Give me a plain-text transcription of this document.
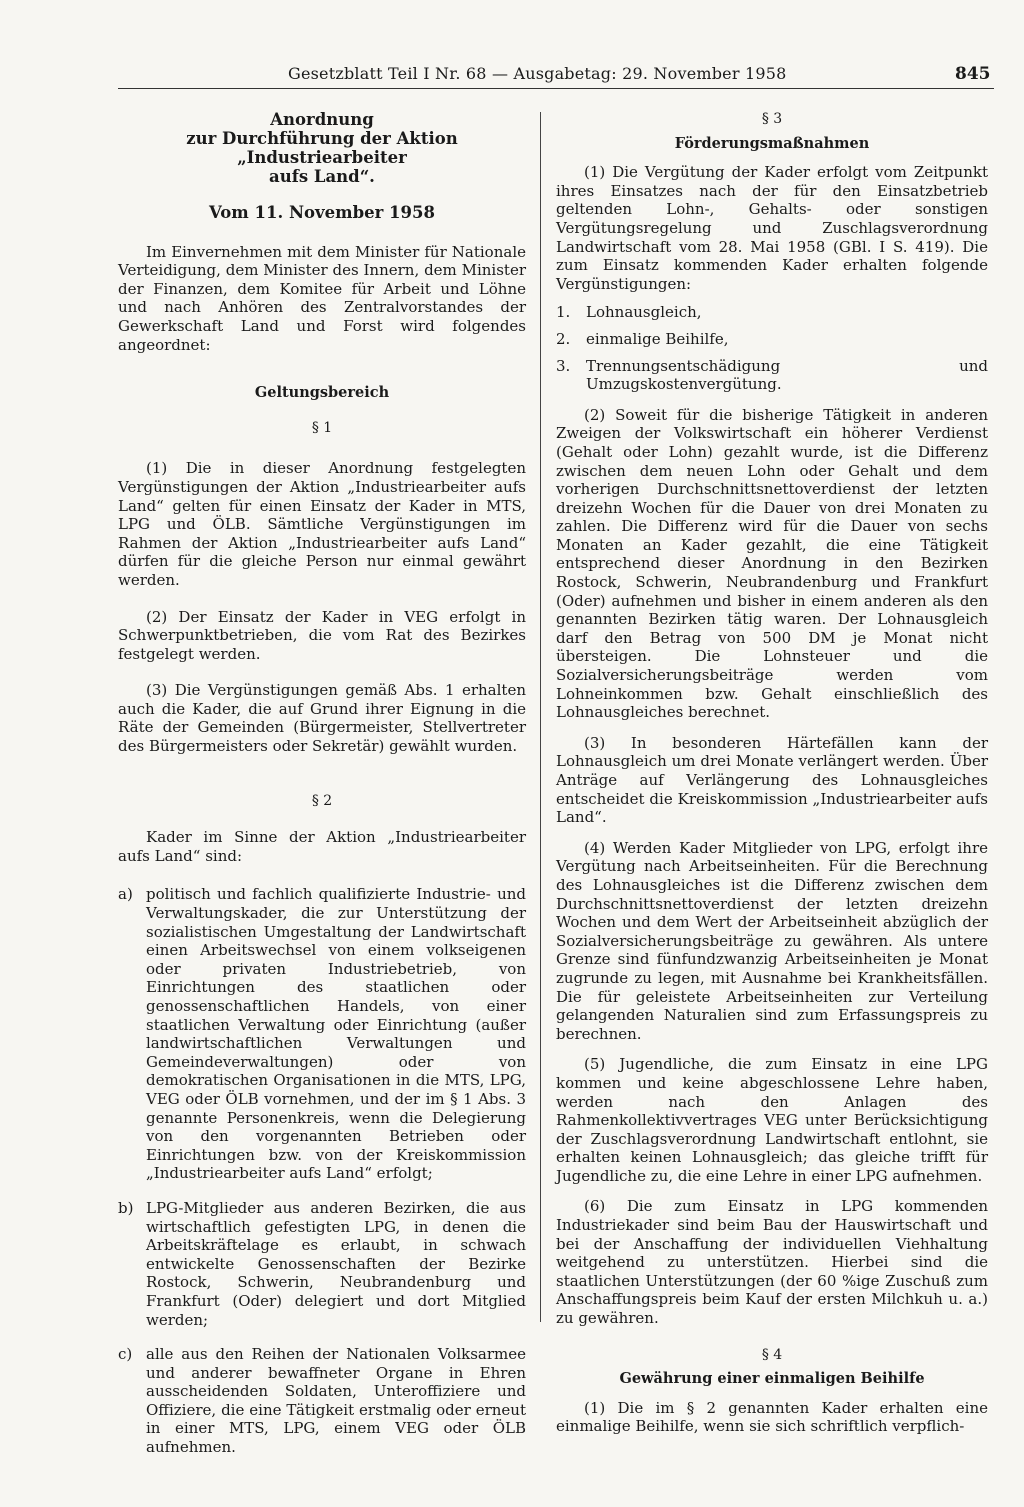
Gesetzblatt Teil I Nr. 68 — Ausgabetag: 29. November 1958	845
Anordnung
zur Durchführung der Aktion „Industriearbeiter
aufs Land“.
Vom 11. November 1958

Im Einvernehmen mit dem Minister für Nationale Verteidigung, dem Minister des Innern, dem Minister der Finanzen, dem Komitee für Arbeit und Löhne und nach Anhören des Zentralvorstandes der Gewerkschaft Land und Forst wird folgendes angeordnet:

Geltungsbereich
§ 1

(1) Die in dieser Anordnung festgelegten Vergünstigungen der Aktion „Industriearbeiter aufs Land“ gelten für einen Einsatz der Kader in MTS, LPG und ÖLB. Sämtliche Vergünstigungen im Rahmen der Aktion „Industriearbeiter aufs Land“ dürfen für die gleiche Person nur einmal gewährt werden.

(2) Der Einsatz der Kader in VEG erfolgt in Schwerpunktbetrieben, die vom Rat des Bezirkes festgelegt werden.

(3) Die Vergünstigungen gemäß Abs. 1 erhalten auch die Kader, die auf Grund ihrer Eignung in die Räte der Gemeinden (Bürgermeister, Stellvertreter des Bürgermeisters oder Sekretär) gewählt wurden.

§ 2

Kader im Sinne der Aktion „Industriearbeiter aufs Land“ sind:

a) politisch und fachlich qualifizierte Industrie- und Verwaltungskader, die zur Unterstützung der sozialistischen Umgestaltung der Landwirtschaft einen Arbeitswechsel von einem volkseigenen oder privaten Industriebetrieb, von Einrichtungen des staatlichen oder genossenschaftlichen Handels, von einer staatlichen Verwaltung oder Einrichtung (außer landwirtschaftlichen Verwaltungen und Gemeindeverwaltungen) oder von demokratischen Organisationen in die MTS, LPG, VEG oder ÖLB vornehmen, und der im § 1 Abs. 3 genannte Personenkreis, wenn die Delegierung von den vorgenannten Betrieben oder Einrichtungen bzw. von der Kreiskommission „Industriearbeiter aufs Land“ erfolgt;
b) LPG-Mitglieder aus anderen Bezirken, die aus wirtschaftlich gefestigten LPG, in denen die Arbeitskräftelage es erlaubt, in schwach entwickelte Genossenschaften der Bezirke Rostock, Schwerin, Neubrandenburg und Frankfurt (Oder) delegiert und dort Mitglied werden;
c) alle aus den Reihen der Nationalen Volksarmee und anderer bewaffneter Organe in Ehren ausscheidenden Soldaten, Unteroffiziere und Offiziere, die eine Tätigkeit erstmalig oder erneut in einer MTS, LPG, einem VEG oder ÖLB aufnehmen.
§ 3
Förderungsmaßnahmen

(1) Die Vergütung der Kader erfolgt vom Zeitpunkt ihres Einsatzes nach der für den Einsatzbetrieb geltenden Lohn-, Gehalts- oder sonstigen Vergütungsregelung und Zuschlagsverordnung Landwirtschaft vom 28. Mai 1958 (GBl. I S. 419). Die zum Einsatz kommenden Kader erhalten folgende Vergünstigungen:

1.	Lohnausgleich,
2.	einmalige Beihilfe,
3.	Trennungsentschädigung und Umzugskostenvergütung.

(2) Soweit für die bisherige Tätigkeit in anderen Zweigen der Volkswirtschaft ein höherer Verdienst (Gehalt oder Lohn) gezahlt wurde, ist die Differenz zwischen dem neuen Lohn oder Gehalt und dem vorherigen Durchschnittsnettoverdienst der letzten dreizehn Wochen für die Dauer von drei Monaten zu zahlen. Die Differenz wird für die Dauer von sechs Monaten an Kader gezahlt, die eine Tätigkeit entsprechend dieser Anordnung in den Bezirken Rostock, Schwerin, Neubrandenburg und Frankfurt (Oder) aufnehmen und bisher in einem anderen als den genannten Bezirken tätig waren. Der Lohnausgleich darf den Betrag von 500 DM je Monat nicht übersteigen. Die Lohnsteuer und die Sozialversicherungsbeiträge werden vom Lohneinkommen bzw. Gehalt einschließlich des Lohnausgleiches berechnet.

(3) In besonderen Härtefällen kann der Lohnausgleich um drei Monate verlängert werden. Über Anträge auf Verlängerung des Lohnausgleiches entscheidet die Kreiskommission „Industriearbeiter aufs Land“.

(4) Werden Kader Mitglieder von LPG, erfolgt ihre Vergütung nach Arbeitseinheiten. Für die Berechnung des Lohnausgleiches ist die Differenz zwischen dem Durchschnittsnettoverdienst der letzten dreizehn Wochen und dem Wert der Arbeitseinheit abzüglich der Sozialversicherungsbeiträge zu gewähren. Als untere Grenze sind fünfundzwanzig Arbeitseinheiten je Monat zugrunde zu legen, mit Ausnahme bei Krankheitsfällen. Die für geleistete Arbeitseinheiten zur Verteilung gelangenden Naturalien sind zum Erfassungspreis zu berechnen.

(5) Jugendliche, die zum Einsatz in eine LPG kommen und keine abgeschlossene Lehre haben, werden nach den Anlagen des Rahmenkollektivvertrages VEG unter Berücksichtigung der Zuschlagsverordnung Landwirtschaft entlohnt, sie erhalten keinen Lohnausgleich; das gleiche trifft für Jugendliche zu, die eine Lehre in einer LPG aufnehmen.

(6) Die zum Einsatz in LPG kommenden Industriekader sind beim Bau der Hauswirtschaft und bei der Anschaffung der individuellen Viehhaltung weitgehend zu unterstützen. Hierbei sind die staatlichen Unterstützungen (der 60 %ige Zuschuß zum Anschaffungspreis beim Kauf der ersten Milchkuh u. a.) zu gewähren.

§ 4
Gewährung einer einmaligen Beihilfe

(1) Die im § 2 genannten Kader erhalten eine einmalige Beihilfe, wenn sie sich schriftlich verpflich-
